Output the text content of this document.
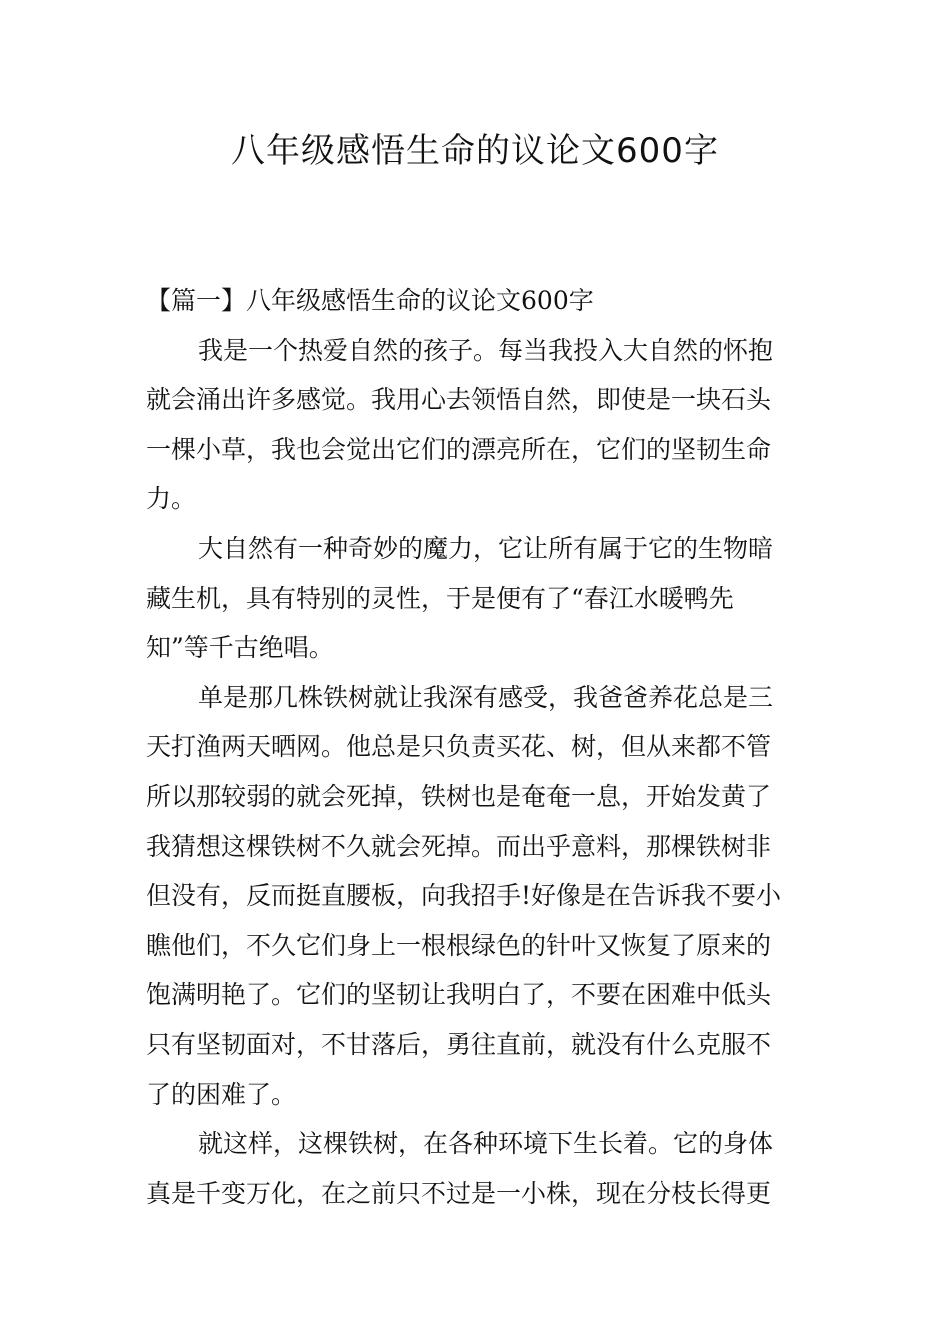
八年级感悟生命的议论文600字
【篇一】八年级感悟生命的议论文600字
我是一个热爱自然的孩子。每当我投入大自然的怀抱
就会涌出许多感觉。我用心去领悟自然，即使是一块石头
一棵小草，我也会觉出它们的漂亮所在，它们的坚韧生命
力。
大自然有一种奇妙的魔力，它让所有属于它的生物暗
藏生机，具有特别的灵性，于是便有了“春江水暖鸭先
知”等千古绝唱。
单是那几株铁树就让我深有感受，我爸爸养花总是三
天打渔两天晒网。他总是只负责买花、树，但从来都不管
所以那较弱的就会死掉，铁树也是奄奄一息，开始发黄了
我猜想这棵铁树不久就会死掉。而出乎意料，那棵铁树非
但没有，反而挺直腰板，向我招手!好像是在告诉我不要小
瞧他们，不久它们身上一根根绿色的针叶又恢复了原来的
饱满明艳了。它们的坚韧让我明白了，不要在困难中低头
只有坚韧面对，不甘落后，勇往直前，就没有什么克服不
了的困难了。
就这样，这棵铁树，在各种环境下生长着。它的身体
真是千变万化，在之前只不过是一小株，现在分枝长得更
